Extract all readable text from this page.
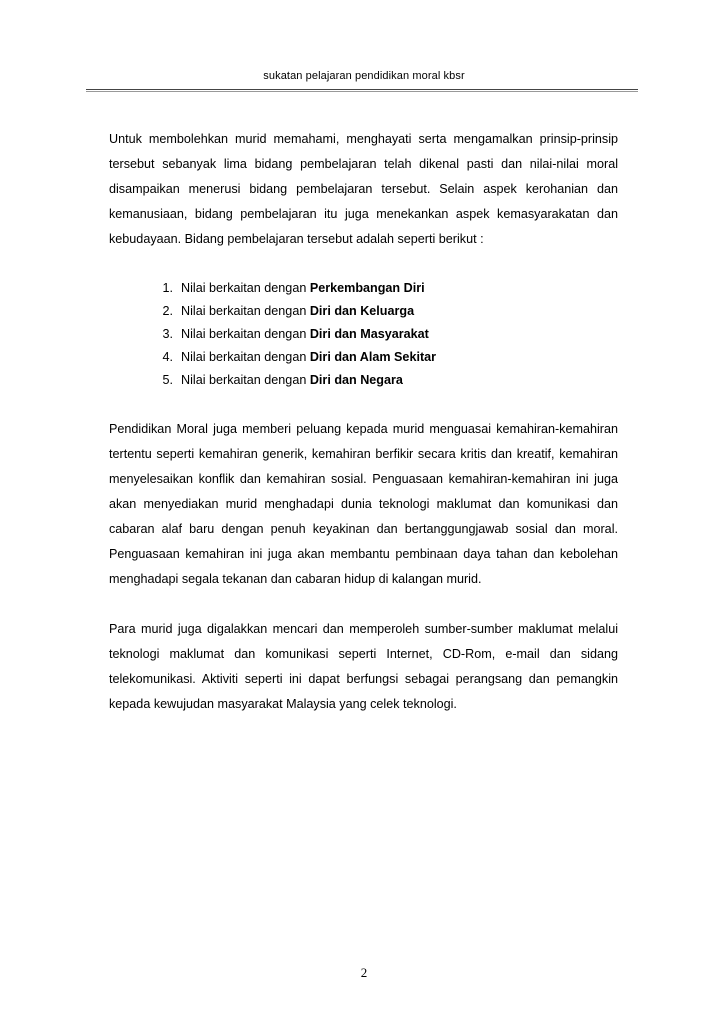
sukatan pelajaran pendidikan moral kbsr

Untuk membolehkan murid memahami, menghayati serta mengamalkan prinsip-prinsip tersebut sebanyak lima bidang pembelajaran telah dikenal pasti dan nilai-nilai moral disampaikan menerusi bidang pembelajaran tersebut. Selain aspek kerohanian dan kemanusiaan, bidang pembelajaran itu juga menekankan aspek kemasyarakatan dan kebudayaan. Bidang pembelajaran tersebut adalah seperti berikut :

1. Nilai berkaitan dengan Perkembangan Diri
2. Nilai berkaitan dengan Diri dan Keluarga
3. Nilai berkaitan dengan Diri dan Masyarakat
4. Nilai berkaitan dengan Diri dan Alam Sekitar
5. Nilai berkaitan dengan Diri dan Negara

Pendidikan Moral juga memberi peluang kepada murid menguasai kemahiran-kemahiran tertentu seperti kemahiran generik, kemahiran berfikir secara kritis dan kreatif, kemahiran menyelesaikan konflik dan kemahiran sosial. Penguasaan kemahiran-kemahiran ini juga akan menyediakan murid menghadapi dunia teknologi maklumat dan komunikasi dan cabaran alaf baru dengan penuh keyakinan dan bertanggungjawab sosial dan moral. Penguasaan kemahiran ini juga akan membantu pembinaan daya tahan dan kebolehan menghadapi segala tekanan dan cabaran hidup di kalangan murid.

Para murid juga digalakkan mencari dan memperoleh sumber-sumber maklumat melalui teknologi maklumat dan komunikasi seperti Internet, CD-Rom, e-mail dan sidang telekomunikasi. Aktiviti seperti ini dapat berfungsi sebagai perangsang dan pemangkin kepada kewujudan masyarakat Malaysia yang celek teknologi.

2
